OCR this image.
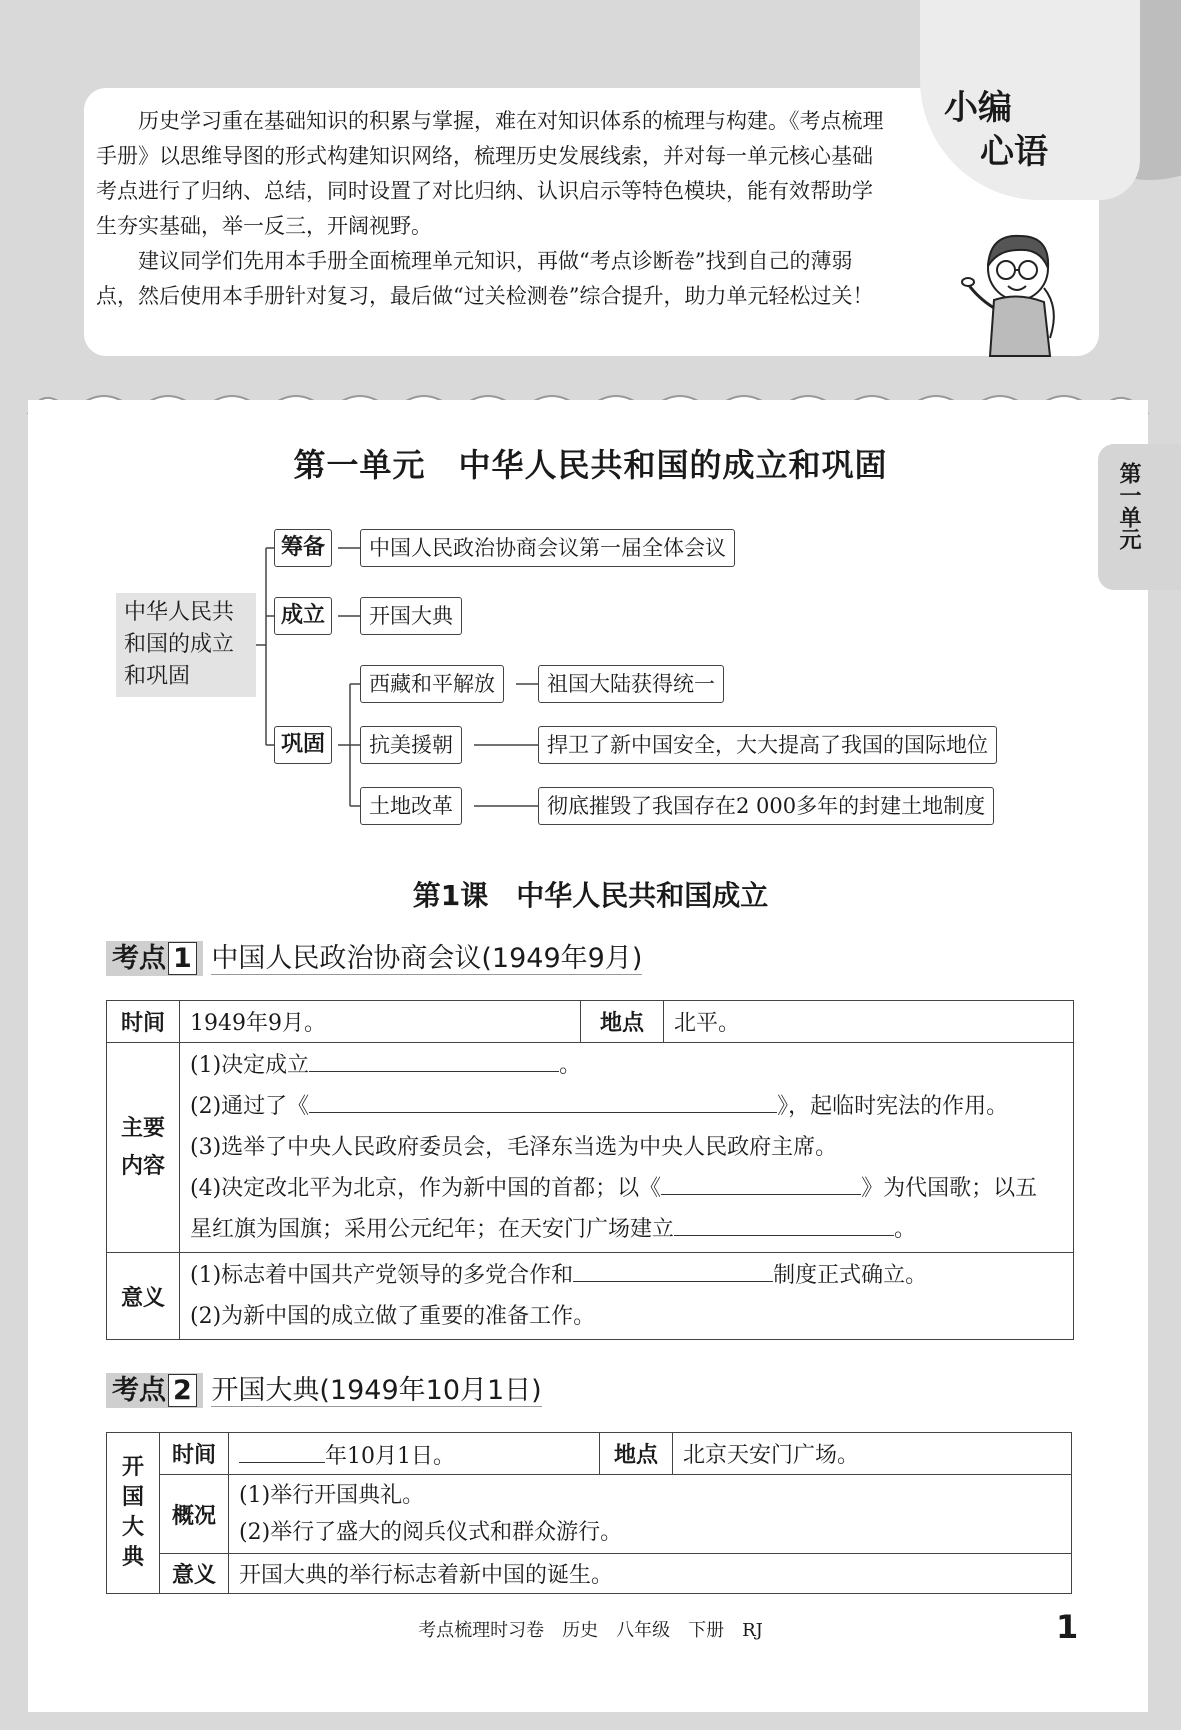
小编
心语

历史学习重在基础知识的积累与掌握，难在对知识体系的梳理与构建。《考点梳理手册》以思维导图的形式构建知识网络，梳理历史发展线索，并对每一单元核心基础考点进行了归纳、总结，同时设置了对比归纳、认识启示等特色模块，能有效帮助学生夯实基础，举一反三，开阔视野。

建议同学们先用本手册全面梳理单元知识，再做“考点诊断卷”找到自己的薄弱点，然后使用本手册针对复习，最后做“过关检测卷”综合提升，助力单元轻松过关！

第一单元
第一单元　中华人民共和国的成立和巩固
中华人民共和国的成立和巩固
筹备
成立
巩固
中国人民政治协商会议第一届全体会议
开国大典
西藏和平解放	祖国大陆获得统一
抗美援朝	捍卫了新中国安全，大大提高了我国的国际地位
土地改革	彻底摧毁了我国存在2 000多年的封建土地制度
第1课　中华人民共和国成立
考点 1 中国人民政治协商会议(1949年9月)
时间	1949年9月。	地点	北平。
主要内容	(1)决定成立 。
(2)通过了《 》，起临时宪法的作用。
(3)选举了中央人民政府委员会，毛泽东当选为中央人民政府主席。
(4)决定改北平为北京，作为新中国的首都；以《 》为代国歌；以五
星红旗为国旗；采用公元纪年；在天安门广场建立 。		

意义	(1)标志着中国共产党领导的多党合作和 制度正式确立。
(2)为新中国的成立做了重要的准备工作。		
考点 2 开国大典(1949年10月1日)
开国大典	时间	年10月1日。	地点	北京天安门广场。
	概况	(1)举行开国典礼。
(2)举行了盛大的阅兵仪式和群众游行。		

	意义	开国大典的举行标志着新中国的诞生。		
考点梳理时习卷　历史　八年级　下册　RJ	1
